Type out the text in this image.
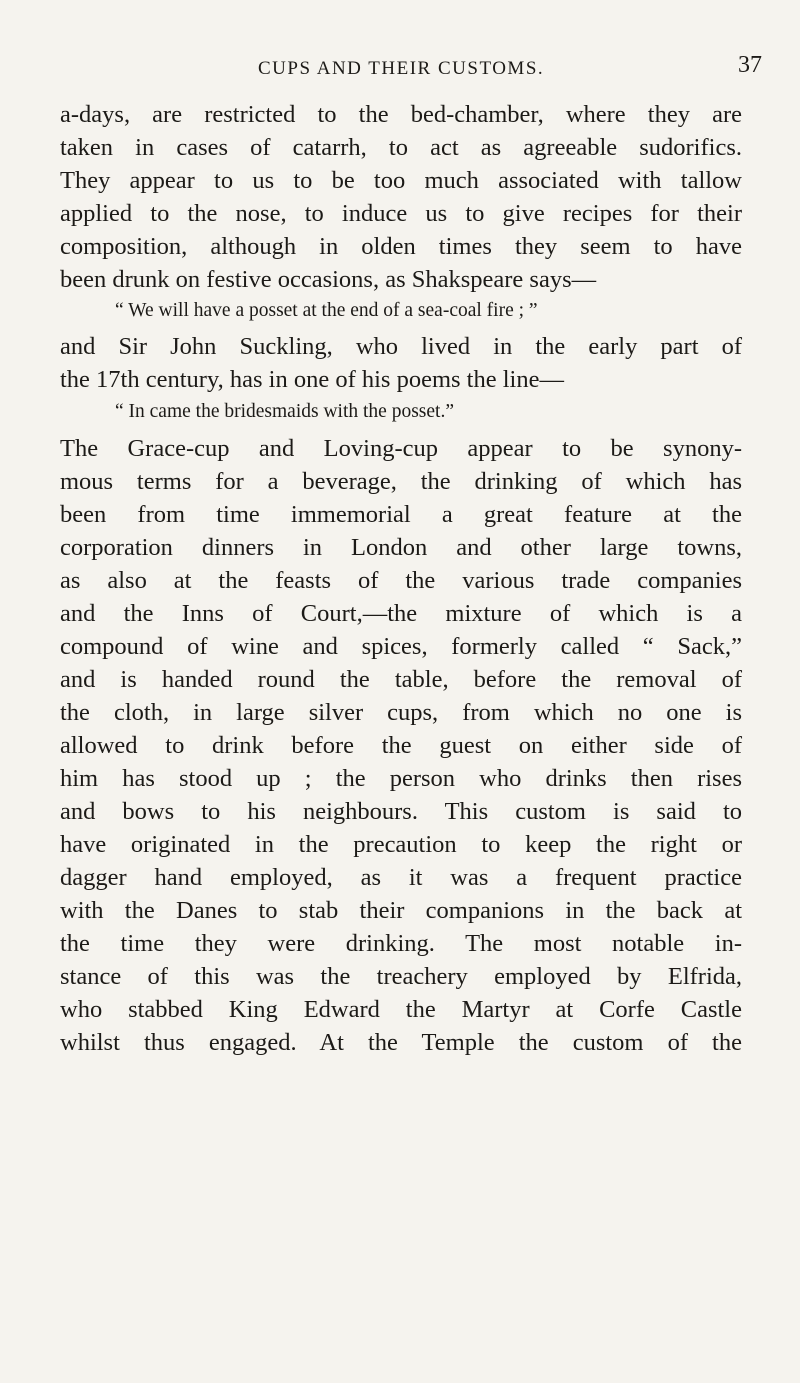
CUPS AND THEIR CUSTOMS.	37
a-days, are restricted to the bed-chamber, where they are
taken in cases of catarrh, to act as agreeable sudorifics.
They appear to us to be too much associated with tallow
applied to the nose, to induce us to give recipes for their
composition, although in olden times they seem to have
been drunk on festive occasions, as Shakspeare says—
“ We will have a posset at the end of a sea-coal fire ; ”
and Sir John Suckling, who lived in the early part of
the 17th century, has in one of his poems the line—
“ In came the bridesmaids with the posset.”
The Grace-cup and Loving-cup appear to be synony-
mous terms for a beverage, the drinking of which has
been from time immemorial a great feature at the
corporation dinners in London and other large towns,
as also at the feasts of the various trade companies
and the Inns of Court,—the mixture of which is a
compound of wine and spices, formerly called “ Sack,”
and is handed round the table, before the removal of
the cloth, in large silver cups, from which no one is
allowed to drink before the guest on either side of
him has stood up ; the person who drinks then rises
and bows to his neighbours. This custom is said to
have originated in the precaution to keep the right or
dagger hand employed, as it was a frequent practice
with the Danes to stab their companions in the back at
the time they were drinking. The most notable in-
stance of this was the treachery employed by Elfrida,
who stabbed King Edward the Martyr at Corfe Castle
whilst thus engaged. At the Temple the custom of the
